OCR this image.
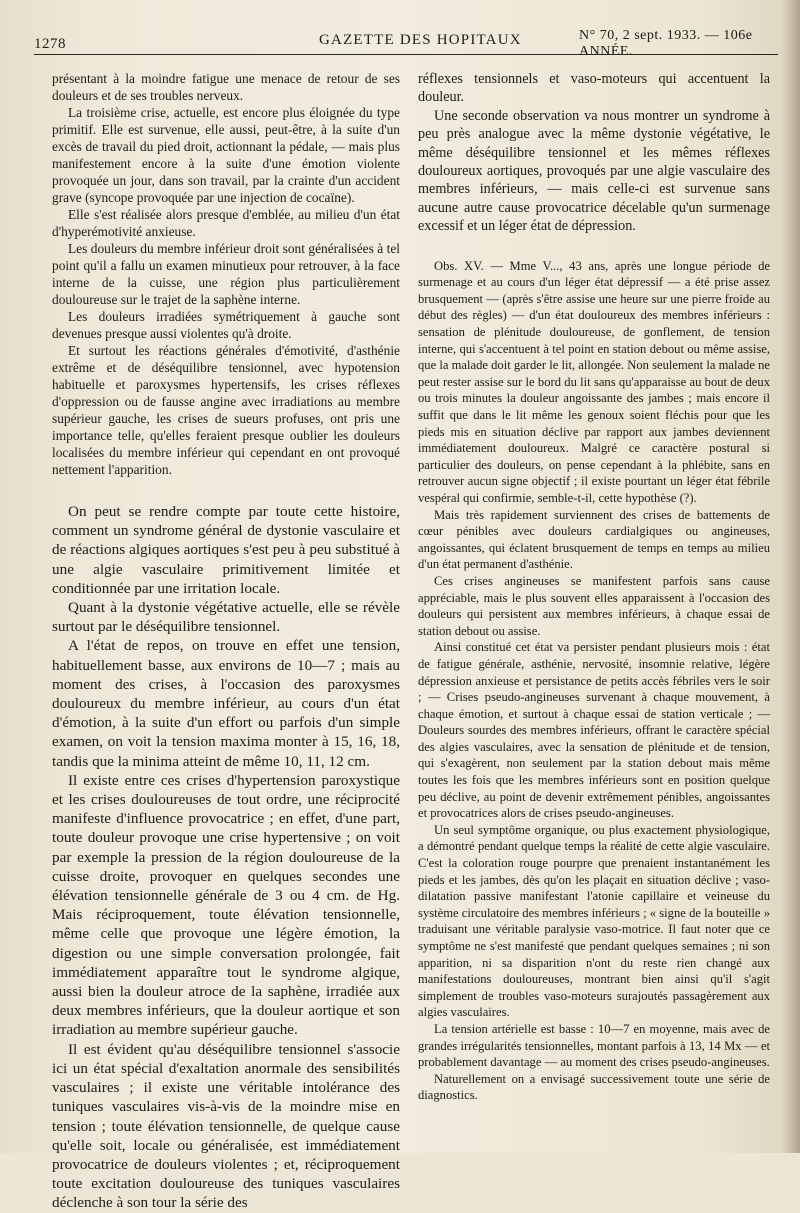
1278	GAZETTE DES HOPITAUX	N° 70, 2 sept. 1933. — 106e ANNÉE.

présentant à la moindre fatigue une menace de retour de ses douleurs et de ses troubles nerveux.

La troisième crise, actuelle, est encore plus éloignée du type primitif. Elle est survenue, elle aussi, peut-être, à la suite d'un excès de travail du pied droit, actionnant la pédale, — mais plus manifestement encore à la suite d'une émotion violente provoquée un jour, dans son travail, par la crainte d'un accident grave (syncope provoquée par une injection de cocaïne).

Elle s'est réalisée alors presque d'emblée, au milieu d'un état d'hyperémotivité anxieuse.

Les douleurs du membre inférieur droit sont généralisées à tel point qu'il a fallu un examen minutieux pour retrouver, à la face interne de la cuisse, une région plus particulièrement douloureuse sur le trajet de la saphène interne.

Les douleurs irradiées symétriquement à gauche sont devenues presque aussi violentes qu'à droite.

Et surtout les réactions générales d'émotivité, d'asthénie extrême et de déséquilibre tensionnel, avec hypotension habituelle et paroxysmes hypertensifs, les crises réflexes d'oppression ou de fausse angine avec irradiations au membre supérieur gauche, les crises de sueurs profuses, ont pris une importance telle, qu'elles feraient presque oublier les douleurs localisées du membre inférieur qui cependant en ont provoqué nettement l'apparition.

On peut se rendre compte par toute cette histoire, comment un syndrome général de dystonie vasculaire et de réactions algiques aortiques s'est peu à peu substitué à une algie vasculaire primitivement limitée et conditionnée par une irritation locale.

Quant à la dystonie végétative actuelle, elle se révèle surtout par le déséquilibre tensionnel.

A l'état de repos, on trouve en effet une tension, habituellement basse, aux environs de 10—7 ; mais au moment des crises, à l'occasion des paroxysmes douloureux du membre inférieur, au cours d'un état d'émotion, à la suite d'un effort ou parfois d'un simple examen, on voit la tension maxima monter à 15, 16, 18, tandis que la minima atteint de même 10, 11, 12 cm.

Il existe entre ces crises d'hypertension paroxystique et les crises douloureuses de tout ordre, une réciprocité manifeste d'influence provocatrice ; en effet, d'une part, toute douleur provoque une crise hypertensive ; on voit par exemple la pression de la région douloureuse de la cuisse droite, provoquer en quelques secondes une élévation tensionnelle générale de 3 ou 4 cm. de Hg. Mais réciproquement, toute élévation tensionnelle, même celle que provoque une légère émotion, la digestion ou une simple conversation prolongée, fait immédiatement apparaître tout le syndrome algique, aussi bien la douleur atroce de la saphène, irradiée aux deux membres inférieurs, que la douleur aortique et son irradiation au membre supérieur gauche.

Il est évident qu'au déséquilibre tensionnel s'associe ici un état spécial d'exaltation anormale des sensibilités vasculaires ; il existe une véritable intolérance des tuniques vasculaires vis-à-vis de la moindre mise en tension ; toute élévation tensionnelle, de quelque cause qu'elle soit, locale ou généralisée, est immédiatement provocatrice de douleurs violentes ; et, réciproquement toute excitation douloureuse des tuniques vasculaires déclenche à son tour la série des

réflexes tensionnels et vaso-moteurs qui accentuent la douleur.

Une seconde observation va nous montrer un syndrome à peu près analogue avec la même dystonie végétative, le même déséquilibre tensionnel et les mêmes réflexes douloureux aortiques, provoqués par une algie vasculaire des membres inférieurs, — mais celle-ci est survenue sans aucune autre cause provocatrice décelable qu'un surmenage excessif et un léger état de dépression.

Obs. XV. — Mme V..., 43 ans, après une longue période de surmenage et au cours d'un léger état dépressif — a été prise assez brusquement — (après s'être assise une heure sur une pierre froide au début des règles) — d'un état douloureux des membres inférieurs : sensation de plénitude douloureuse, de gonflement, de tension interne, qui s'accentuent à tel point en station debout ou même assise, que la malade doit garder le lit, allongée. Non seulement la malade ne peut rester assise sur le bord du lit sans qu'apparaisse au bout de deux ou trois minutes la douleur angoissante des jambes ; mais encore il suffit que dans le lit même les genoux soient fléchis pour que les pieds mis en situation déclive par rapport aux jambes deviennent immédiatement douloureux. Malgré ce caractère postural si particulier des douleurs, on pense cependant à la phlébite, sans en retrouver aucun signe objectif ; il existe pourtant un léger état fébrile vespéral qui confirmie, semble-t-il, cette hypothèse (?).

Mais très rapidement surviennent des crises de battements de cœur pénibles avec douleurs cardialgiques ou angineuses, angoissantes, qui éclatent brusquement de temps en temps au milieu d'un état permanent d'asthénie.

Ces crises angineuses se manifestent parfois sans cause appréciable, mais le plus souvent elles apparaissent à l'occasion des douleurs qui persistent aux membres inférieurs, à chaque essai de station debout ou assise.

Ainsi constitué cet état va persister pendant plusieurs mois : état de fatigue générale, asthénie, nervosité, insomnie relative, légère dépression anxieuse et persistance de petits accès fébriles vers le soir ; — Crises pseudo-angineuses survenant à chaque mouvement, à chaque émotion, et surtout à chaque essai de station verticale ; — Douleurs sourdes des membres inférieurs, offrant le caractère spécial des algies vasculaires, avec la sensation de plénitude et de tension, qui s'exagèrent, non seulement par la station debout mais même toutes les fois que les membres inférieurs sont en position quelque peu déclive, au point de devenir extrêmement pénibles, angoissantes et provocatrices alors de crises pseudo-angineuses.

Un seul symptôme organique, ou plus exactement physiologique, a démontré pendant quelque temps la réalité de cette algie vasculaire. C'est la coloration rouge pourpre que prenaient instantanément les pieds et les jambes, dès qu'on les plaçait en situation déclive ; vaso-dilatation passive manifestant l'atonie capillaire et veineuse du système circulatoire des membres inférieurs ; « signe de la bouteille » traduisant une véritable paralysie vaso-motrice. Il faut noter que ce symptôme ne s'est manifesté que pendant quelques semaines ; ni son apparition, ni sa disparition n'ont du reste rien changé aux manifestations douloureuses, montrant bien ainsi qu'il s'agit simplement de troubles vaso-moteurs surajoutés passagèrement aux algies vasculaires.

La tension artérielle est basse : 10—7 en moyenne, mais avec de grandes irrégularités tensionnelles, montant parfois à 13, 14 Mx — et probablement davantage — au moment des crises pseudo-angineuses.

Naturellement on a envisagé successivement toute une série de diagnostics.
